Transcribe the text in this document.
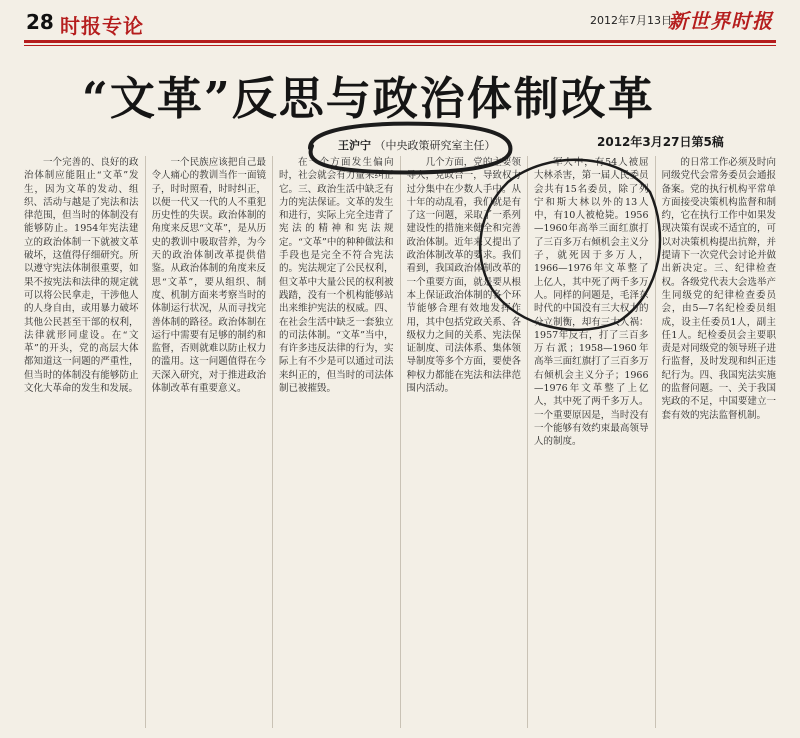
28 时报专论	2012年7月13日
新世界时报
“文革”反思与政治体制改革
王沪宁 （中央政策研究室主任）	2012年3月27日第5稿

一个完善的、良好的政治体制应能阻止“文革”发生，因为文革的发动、组织、活动与越是了宪法和法律范围，但当时的体制没有能够防止。1954年宪法建立的政治体制一下就被文革破坏，这值得仔细研究。所以遵守宪法体制很重要，如果不按宪法和法律的规定就可以将公民拿走，干涉他人的人身自由，或用暴力破坏其他公民甚至干部的权利，法律就形同虚设。在“文革”的开头，党的高层大体都知道这一问题的严重性，但当时的体制没有能够防止文化大革命的发生和发展。

一个民族应该把自己最令人痛心的教训当作一面镜子，时时照看，时时纠正，以便一代又一代的人不重犯历史性的失误。政治体制的角度来反思“文革”，是从历史的教训中吸取营养，为今天的政治体制改革提供借鉴。从政治体制的角度来反思“文革”，要从组织、制度、机制方面来考察当时的体制运行状况，从而寻找完善体制的路径。政治体制在运行中需要有足够的制约和监督，否则就难以防止权力的滥用。这一问题值得在今天深入研究，对于推进政治体制改革有重要意义。

在一个方面发生偏向时，社会就会有力量来纠正它。三、政治生活中缺乏有力的宪法保证。文革的发生和进行，实际上完全违背了宪法的精神和宪法规定。“文革”中的种种做法和手段也是完全不符合宪法的。宪法规定了公民权利，但文革中大量公民的权利被践踏，没有一个机构能够站出来维护宪法的权威。四、在社会生活中缺乏一套独立的司法体制。“文革”当中，有许多违反法律的行为，实际上有不少是可以通过司法来纠正的，但当时的司法体制已被摧毁。

几个方面，党的主要领导人，党政合一，导致权力过分集中在少数人手中。从十年的动乱看，我们就是有了这一问题，采取了一系列建设性的措施来健全和完善政治体制。近年来又提出了政治体制改革的要求。我们看到，我国政治体制改革的一个重要方面，就是要从根本上保证政治体制的各个环节能够合理有效地发挥作用，其中包括党政关系、各级权力之间的关系、宪法保证制度、司法体系、集体领导制度等多个方面，要使各种权力都能在宪法和法律范围内活动。

军人中，有54人被屈大林杀害，第一届人民委员会共有15名委员，除了列宁和斯大林以外的13人中，有10人被枪毙。1956—1960年高举三面红旗打了三百多万右倾机会主义分子，就死因于多万人，1966—1976年文革整了上亿人，其中死了两千多万人。同样的问题是，毛泽东时代的中国没有三大权力的分立制衡，却有三大人祸：1957年反右，打了三百多万右派；1958—1960年高举三面红旗打了三百多万右倾机会主义分子；1966—1976年文革整了上亿人，其中死了两千多万人。一个重要原因是，当时没有一个能够有效约束最高领导人的制度。

的日常工作必须及时向同级党代会常务委员会通报备案。党的执行机构平常单方面接受决策机构监督和制约，它在执行工作中如果发现决策有误或不适宜的，可以对决策机构提出抗辩，并提请下一次党代会讨论并做出新决定。三、纪律检查权。各级党代表大会选举产生同级党的纪律检查委员会，由5—7名纪检委员组成，设主任委员1人，副主任1人。纪检委员会主要职责是对同级党的领导班子进行监督，及时发现和纠正违纪行为。四、我国宪法实施的监督问题。一、关于我国宪政的不足，中国要建立一套有效的宪法监督机制。
